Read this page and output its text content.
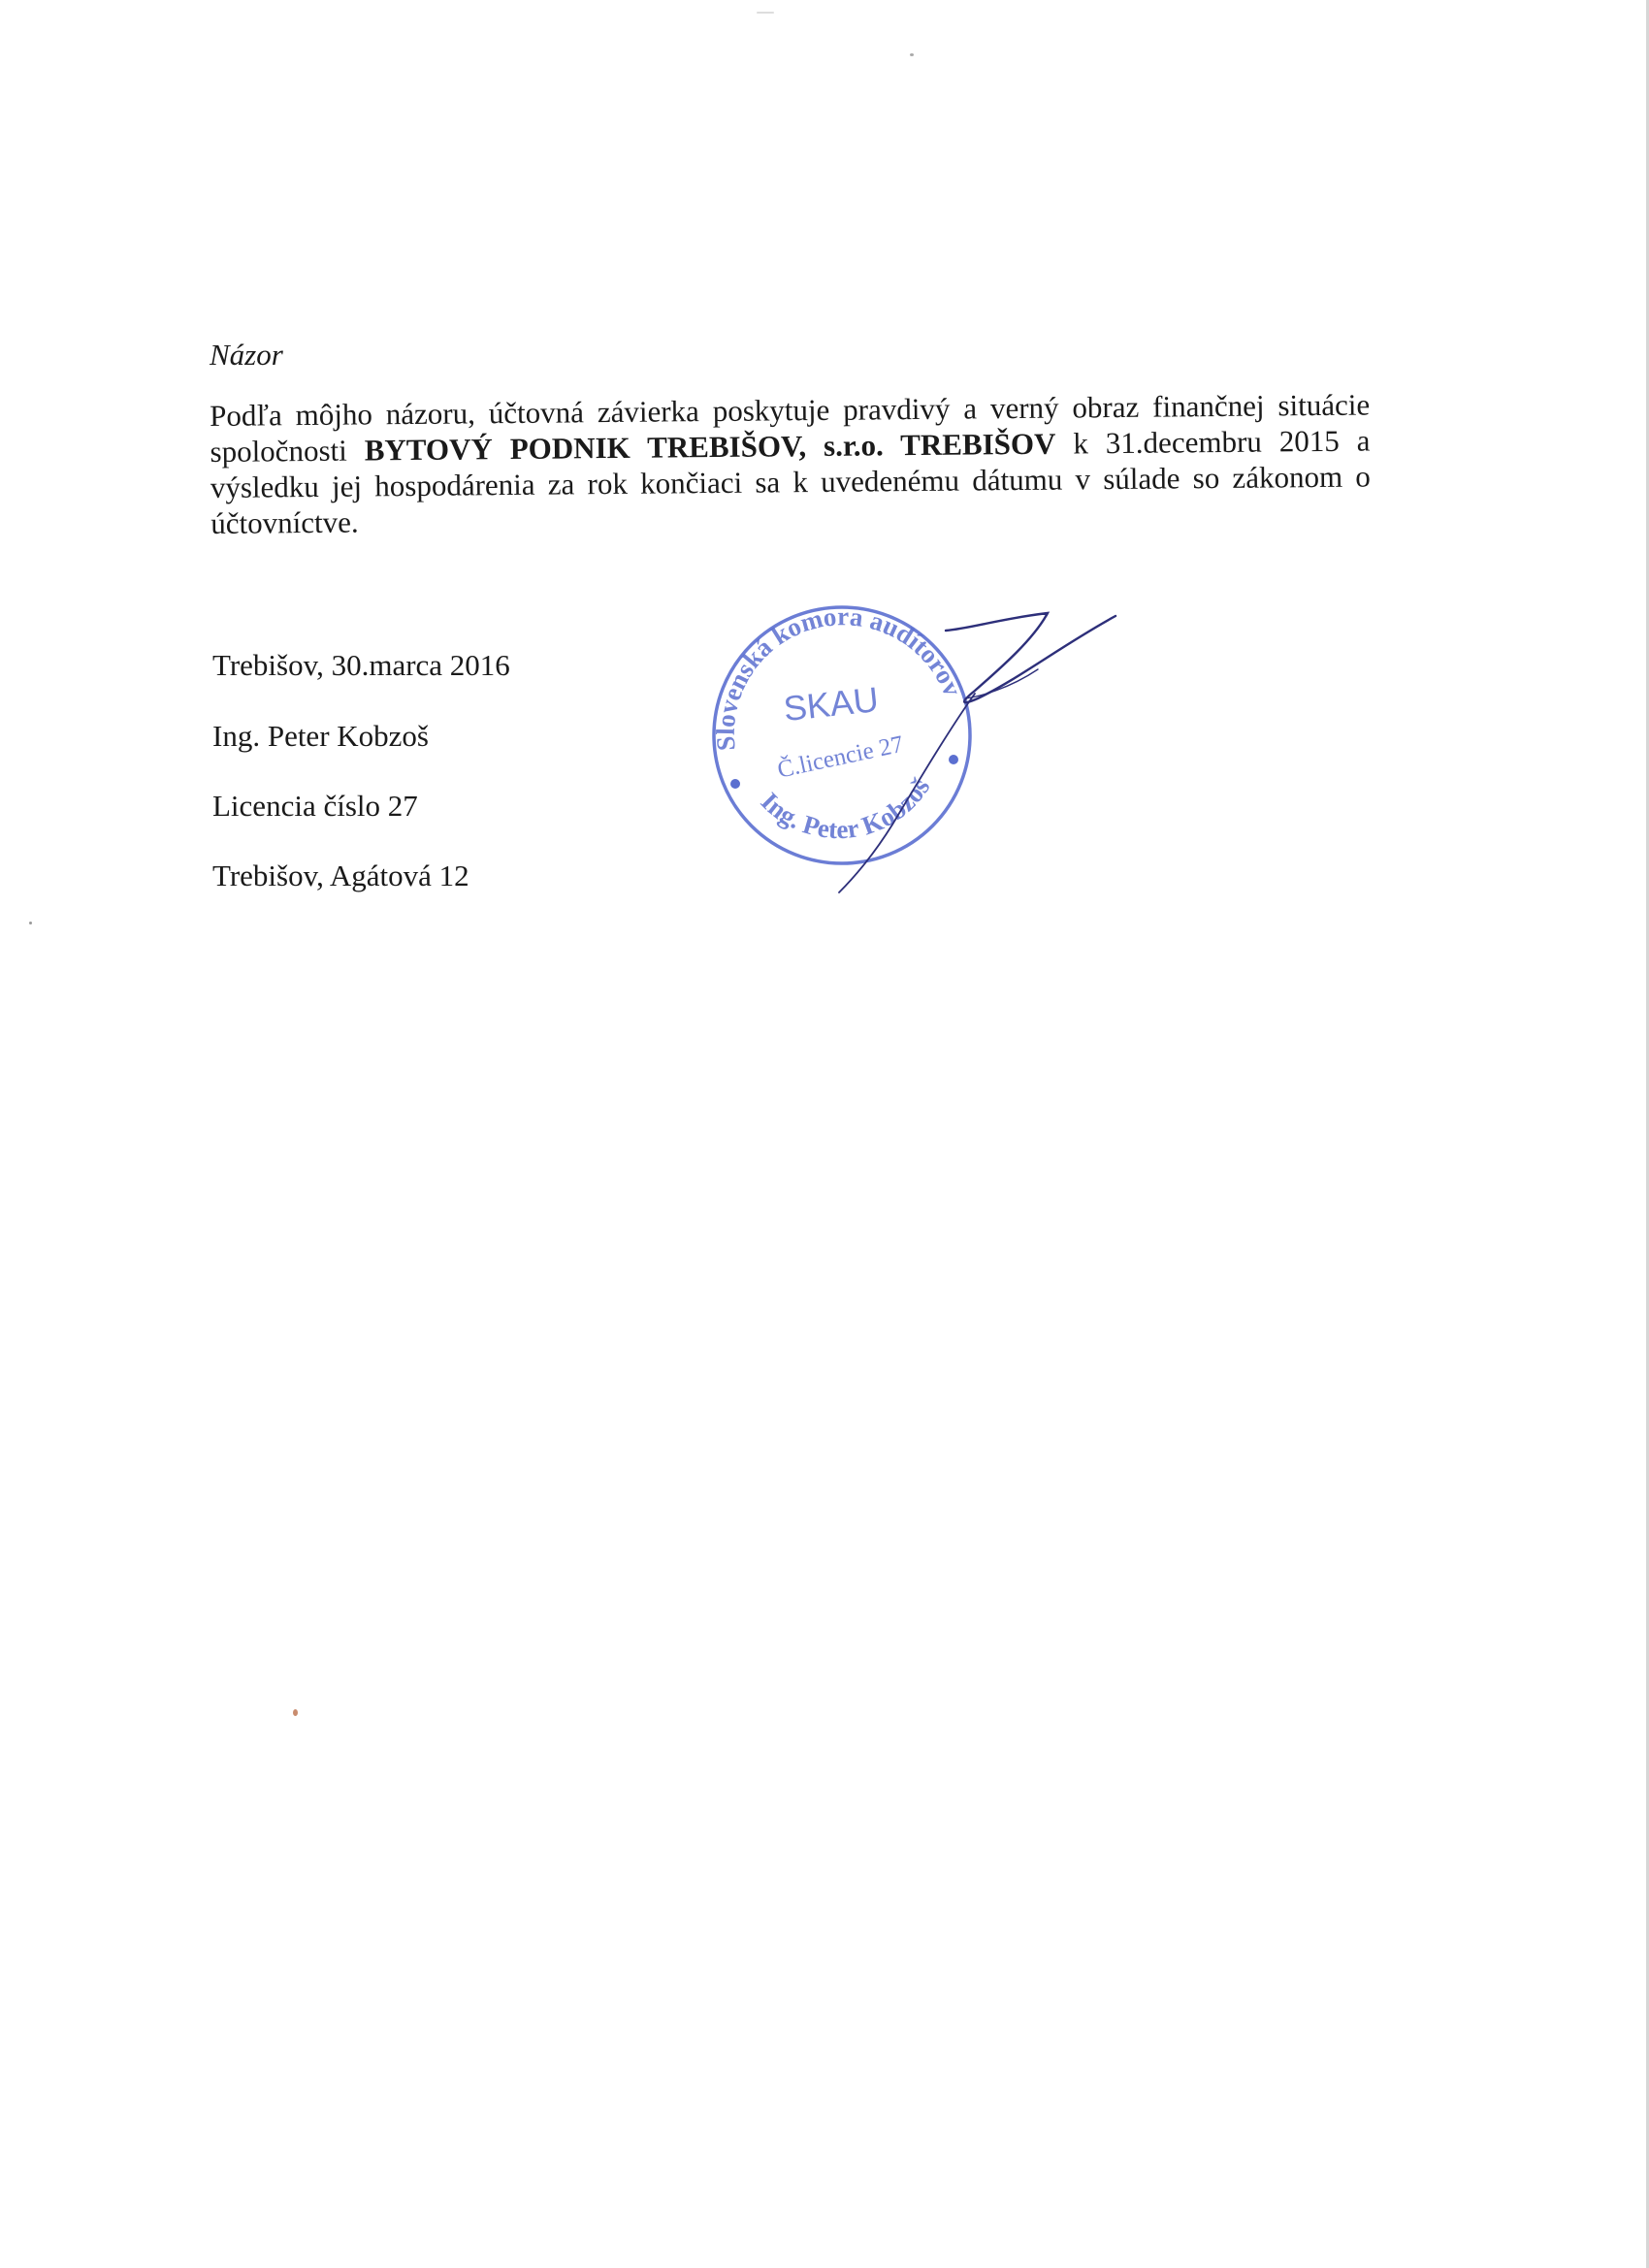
Názor

Podľa môjho názoru, účtovná závierka poskytuje pravdivý a verný obraz finančnej situácie spoločnosti BYTOVÝ PODNIK TREBIŠOV, s.r.o. TREBIŠOV k 31.decembru 2015 a výsledku jej hospodárenia za rok končiaci sa k uvedenému dátumu v súlade so zákonom o účtovníctve.

Trebišov, 30.marca 2016

Ing. Peter Kobzoš

Licencia číslo 27

Trebišov, Agátová 12

Slovenská komora audítorov
Ing. Peter Kobzoš
SKAU
Č.licencie 27
